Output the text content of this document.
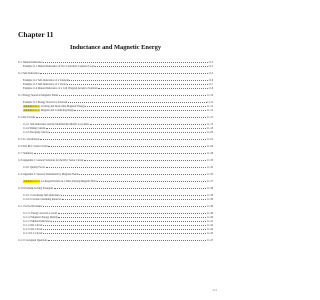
Chapter 11
Inductance and Magnetic Energy
11.1 Mutual Inductance	11-3
Example 11.1 Mutual Inductance of Two Concentric Coplanar Loops	11-5
11.2 Self-Inductance	11-5
Example 11.2 Self-Inductance of a Solenoid	11-6
Example 11.3 Self-Inductance of a Toroid	11-7
Example 11.4 Mutual Inductance of a Coil Wrapped Around a Solenoid	11-8
11.3 Energy Stored in Magnetic Fields	11-10
Example 11.5 Energy Stored in a Solenoid	11-11
Animation 11.1Creating and Destroying Magnetic Energy	11-12
Animation 11.2Magnets and Conducting Rings	11-12
11.4 RL Circuits	11-15
11.4.1 Self-Inductance and the Modified Kirchhoff's Loop Rule	11-15
11.4.2 Rising Current	11-18
11.4.3 Decaying Current	11-20
11.5 LC Oscillations	11-22
11.6 The RLC Series Circuit	11-26
11.7 Summary	11-28
11.8 Appendix 1: General Solutions for the RLC Series Circuit	11-30
11.8.1 Quality Factor	11-32
11.9 Appendix 2: Stresses Transmitted by Magnetic Fields	11-33
Animation 11.3A Charged Particle in a Time-Varying Magnetic Field	11-37
11.10 Problem-Solving Strategies	11-38
11.10.1 Calculating Self-Inductance	11-38
11.10.2 Circuits containing inductors	11-39
11.11 Solved Problems	11-39
11.11.1 Energy stored in a toroid	11-39
11.11.2 Magnetic Energy Density	11-40
11.11.3 Mutual Inductance	11-41
11.11.4 RL Circuit	11-42
11.11.5 RL Circuit	11-44
11.11.6 LC Circuit	11-45
11.12 Conceptual Questions	11-47
11-1
